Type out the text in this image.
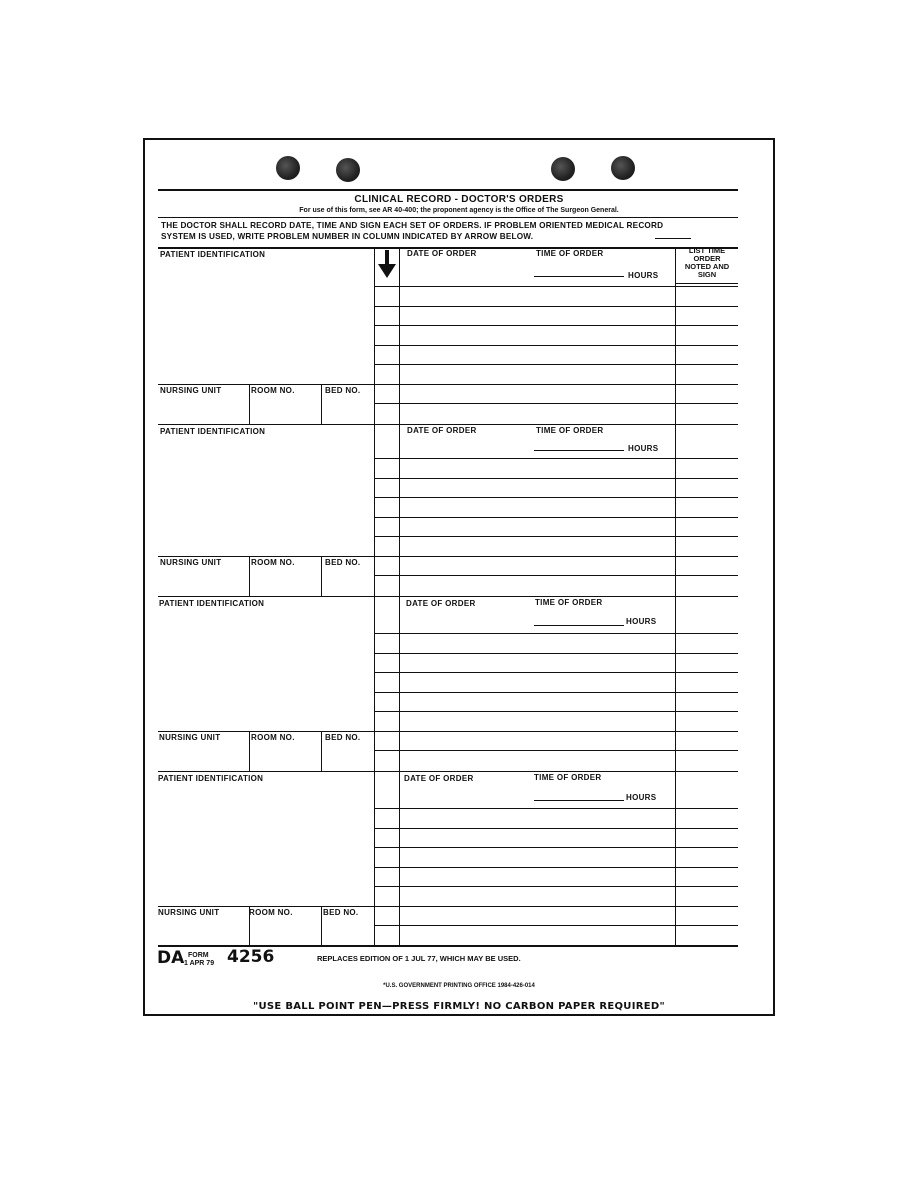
CLINICAL RECORD - DOCTOR'S ORDERS
For use of this form, see AR 40-400; the proponent agency is the Office of The Surgeon General.
THE DOCTOR SHALL RECORD DATE, TIME AND SIGN EACH SET OF ORDERS. IF PROBLEM ORIENTED MEDICAL RECORD
SYSTEM IS USED, WRITE PROBLEM NUMBER IN COLUMN INDICATED BY ARROW BELOW.
LIST TIME
ORDER
NOTED AND
SIGN
PATIENT IDENTIFICATION	DATE OF ORDER	TIME OF ORDER
HOURS
PATIENT IDENTIFICATION	DATE OF ORDER	TIME OF ORDER
HOURS
PATIENT IDENTIFICATION	DATE OF ORDER	TIME OF ORDER
HOURS
PATIENT IDENTIFICATION	DATE OF ORDER	TIME OF ORDER
HOURS
NURSING UNIT	ROOM NO.	BED NO.
NURSING UNIT	ROOM NO.	BED NO.
NURSING UNIT	ROOM NO.	BED NO.
NURSING UNIT	ROOM NO.	BED NO.
DA FORM
1 APR 79 4256	REPLACES EDITION OF 1 JUL 77, WHICH MAY BE USED.
*U.S. GOVERNMENT PRINTING OFFICE 1984-426-014
"USE BALL POINT PEN—PRESS FIRMLY! NO CARBON PAPER REQUIRED"
